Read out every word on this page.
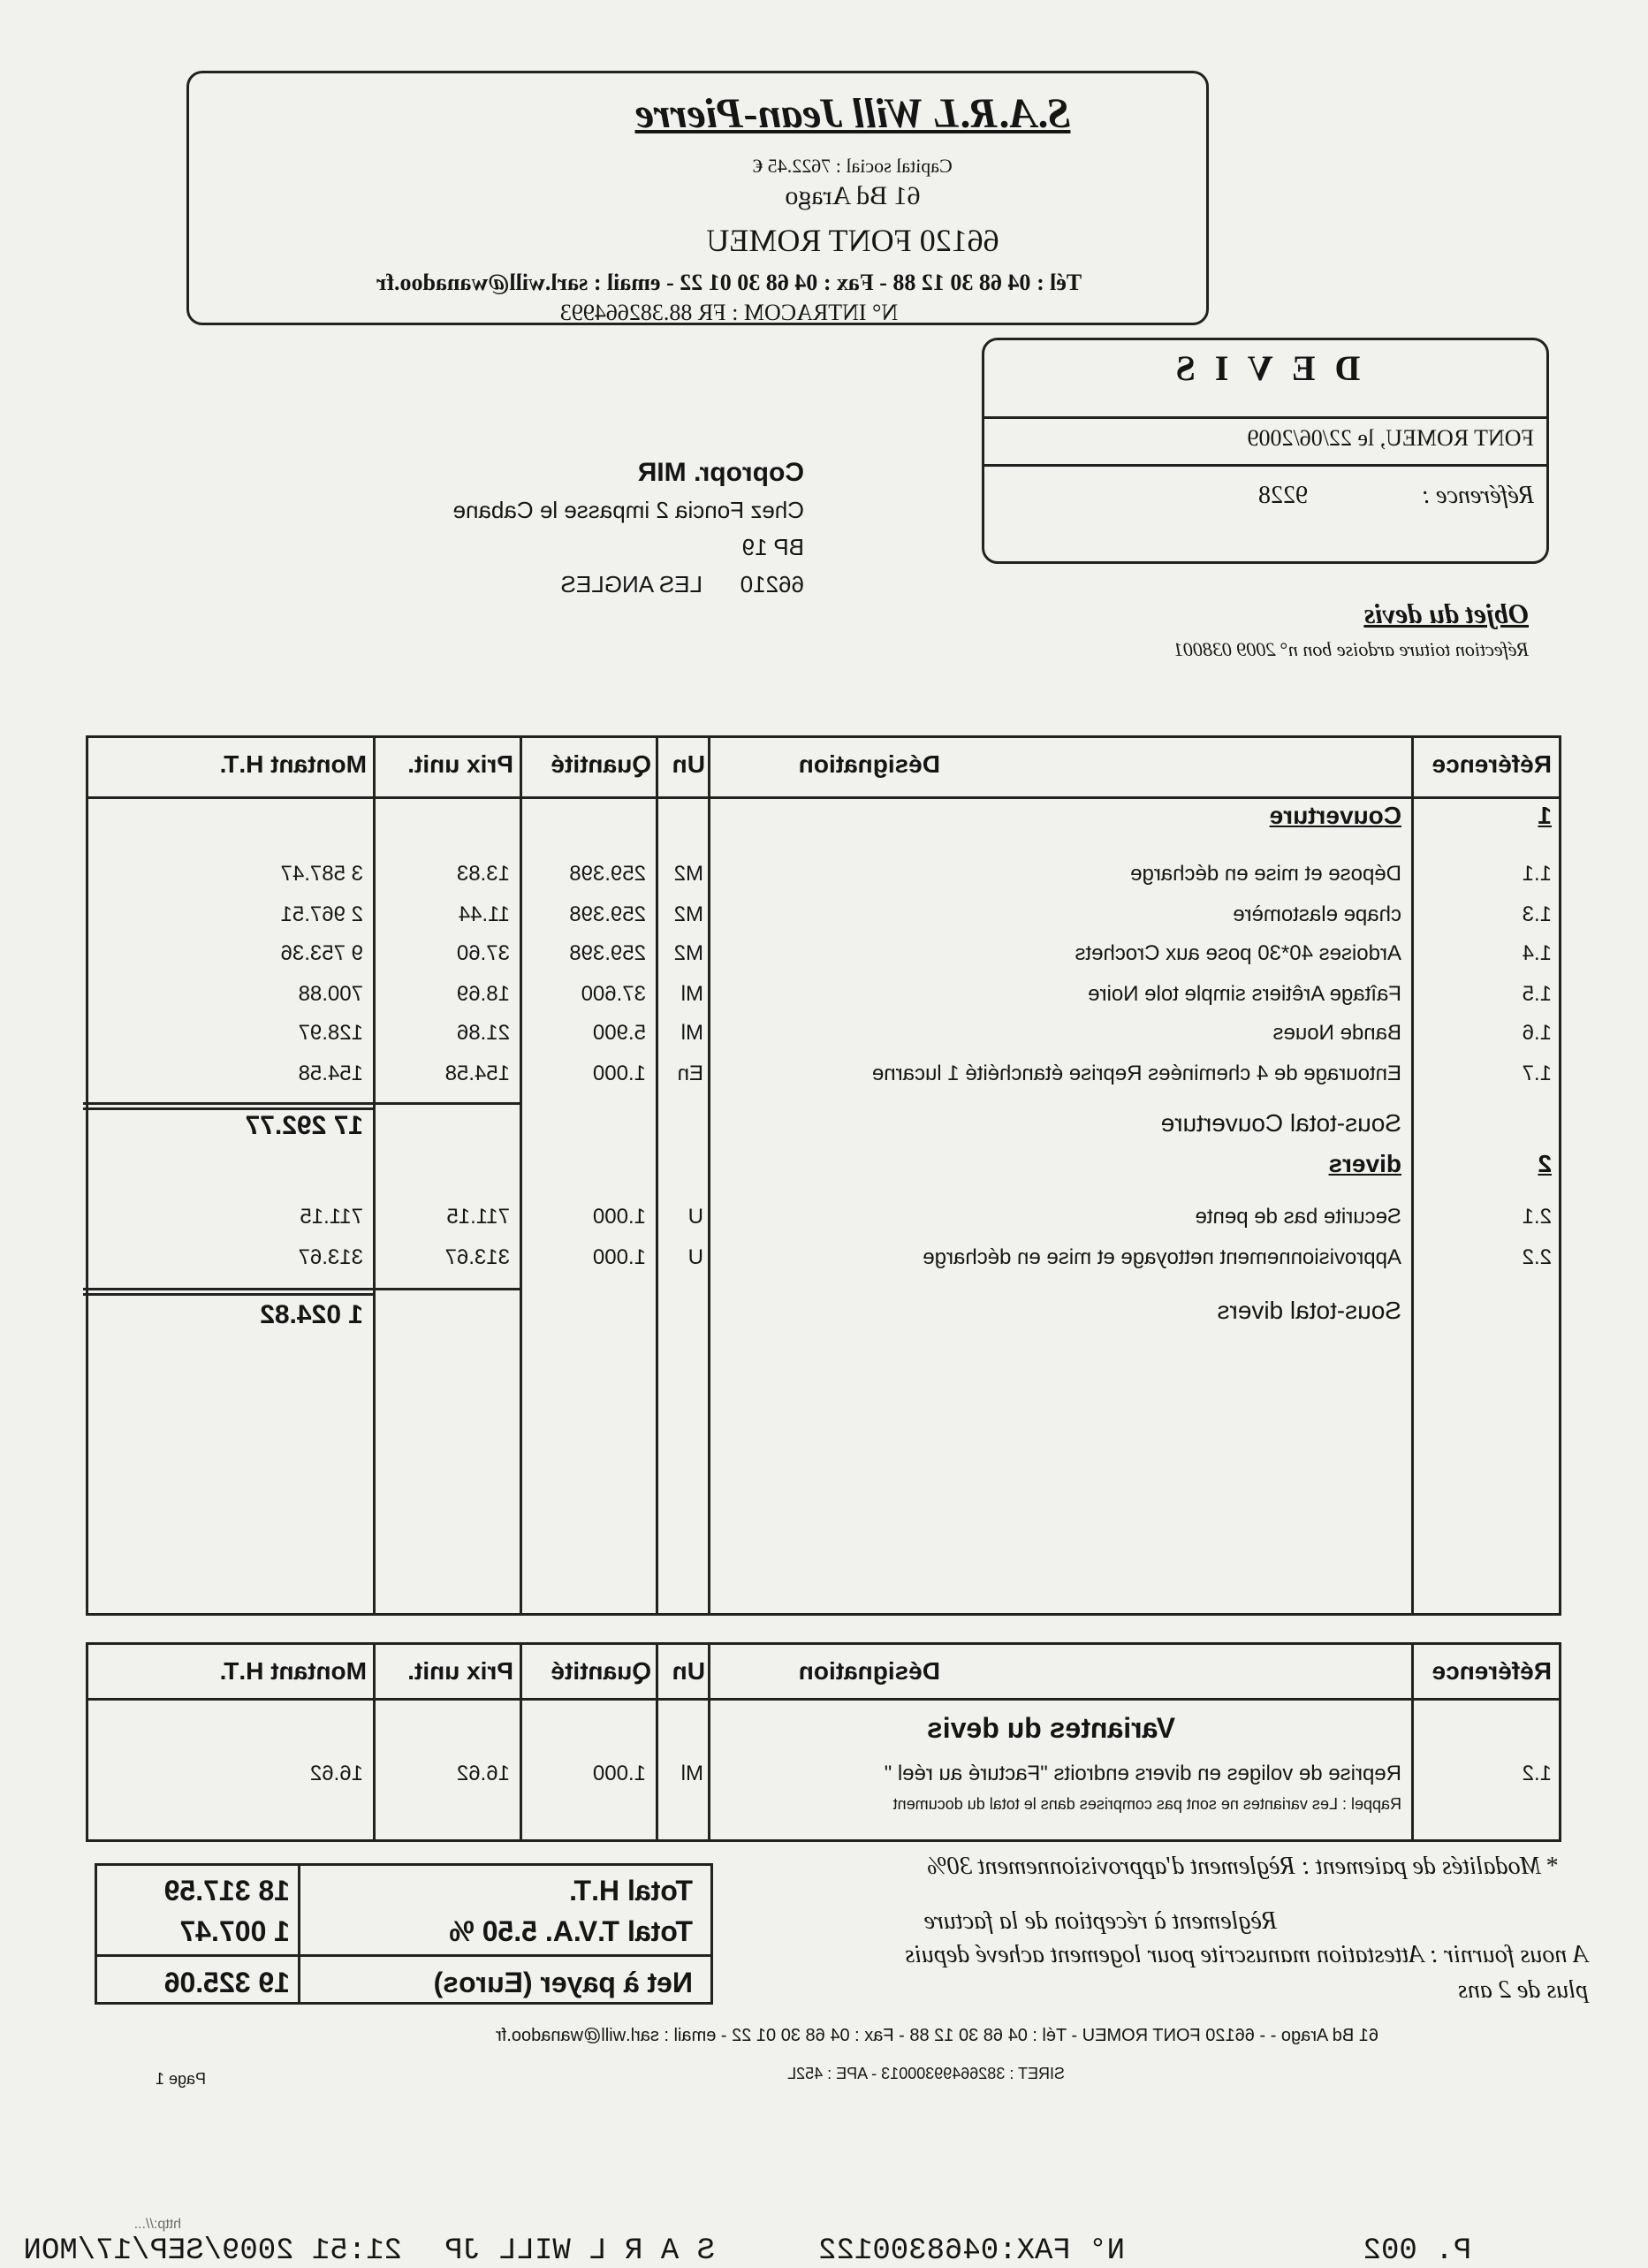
S.A.R.L Will Jean-Pierre
Capital social : 7622.45 €
61 Bd Arago
66120 FONT ROMEU
Tél : 04 68 30 12 88 - Fax : 04 68 30 01 22 - email : sarl.will@wanadoo.fr
N° INTRACOM : FR 88.382664993
D E V I S
FONT ROMEU, le 22/06/2009
Référence :
9228
Copropr. MIR
Chez Foncia 2 impasse le Cabane
BP 19
66210
LES ANGLES
Objet du devis
Réfection toiture ardoise bon n° 2009 038001
Référence
Désignation
Un
Quantité
Prix unit.
Montant H.T.
1
Couverture
1.1
Dépose et mise en décharge
M2
259.398
13.83
3 587.47
1.3
chape elastomère
M2
259.398
11.44
2 967.51
1.4
Ardoises 40*30 pose aux Crochets
M2
259.398
37.60
9 753.36
1.5
Faîtage Arêtiers simple tole Noire
Ml
37.600
18.69
700.88
1.6
Bande Noues
Ml
5.900
21.86
128.97
1.7
Entourage de 4 cheminées Reprise étanchéité 1 lucarne
En
1.000
154.58
154.58
Sous-total Couverture
17 292.77
2
divers
2.1
Securite bas de pente
U
1.000
711.15
711.15
2.2
Approvisionnement nettoyage et mise en décharge
U
1.000
313.67
313.67
Sous-total divers
1 024.82
Référence
Désignation
Un
Quantité
Prix unit.
Montant H.T.
Variantes du devis
1.2
Reprise de voliges en divers endroits "Facturé au réel "
Ml
1.000
16.62
16.62
Rappel : Les variantes ne sont pas comprises dans le total du document
* Modalités de paiement : Règlement d'approvisionnement 30%
Règlement à réception de la facture
A nous fournir : Attestation manuscrite pour logement achevé depuis
plus de 2 ans
Total H.T.
18 317.59
Total T.V.A. 5.50 %
1 007.47
Net à payer (Euros)
19 325.06
61 Bd Arago - - 66120 FONT ROMEU - Tél : 04 68 30 12 88 - Fax : 04 68 30 01 22 - email : sarl.will@wanadoo.fr
SIRET : 38266499300013 - APE : 452L
Page 1
P. 002
N° FAX:0468300122
S A R L WILL JP
21:51 2009/SEP/17/MON
http://...
